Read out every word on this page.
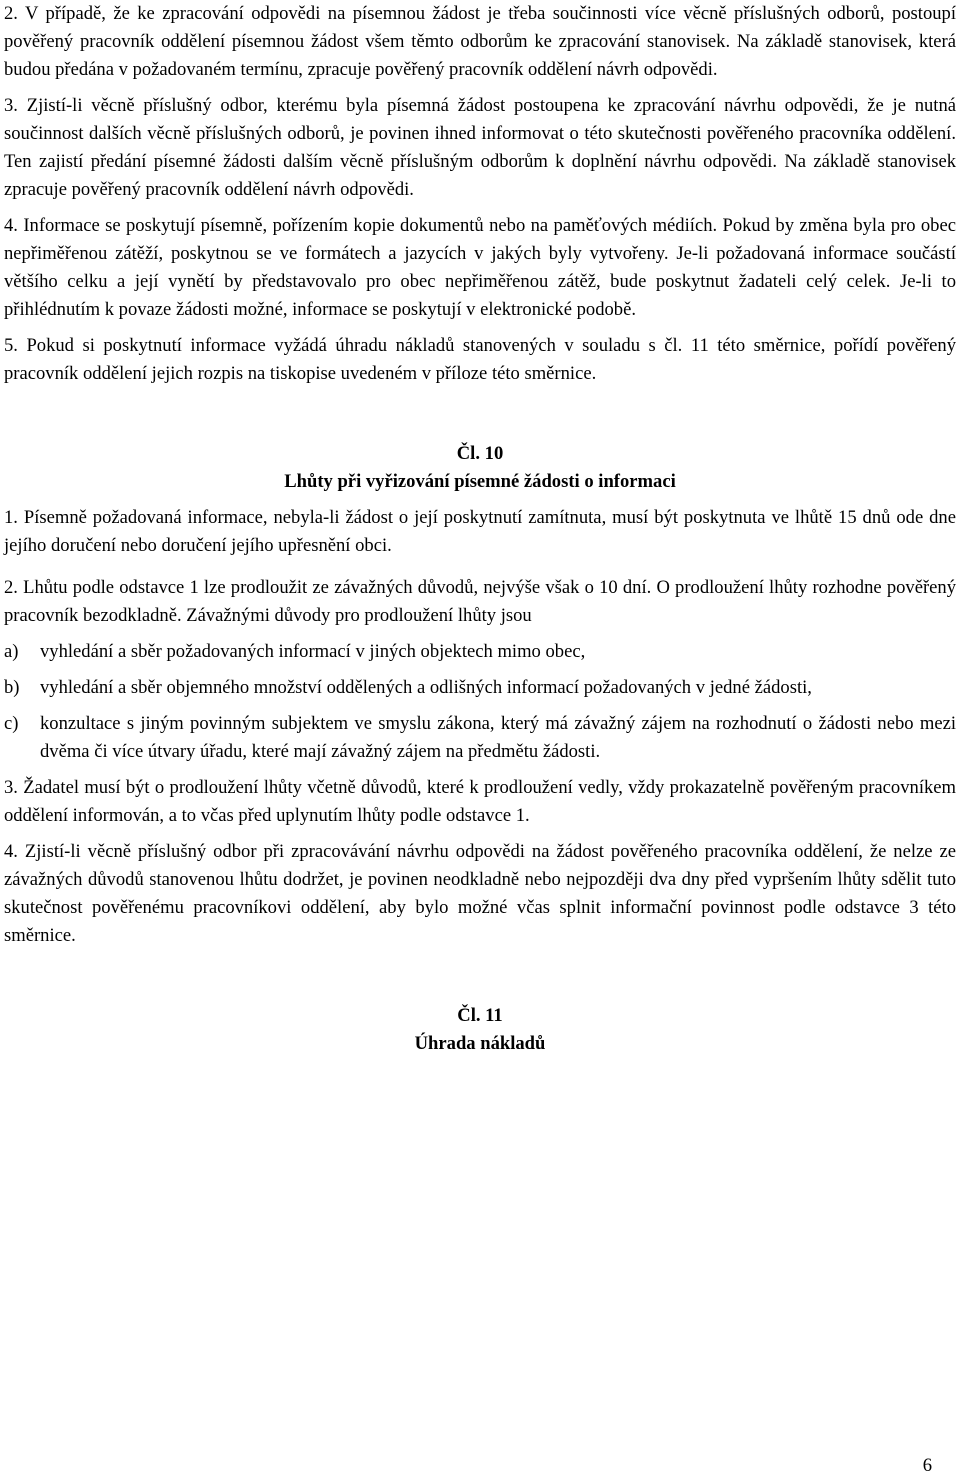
2. V případě, že ke zpracování odpovědi na písemnou žádost je třeba součinnosti více věcně příslušných odborů, postoupí pověřený pracovník oddělení písemnou žádost všem těmto odborům ke zpracování stanovisek. Na základě stanovisek, která budou předána v požadovaném termínu, zpracuje pověřený pracovník oddělení návrh odpovědi.

3. Zjistí-li věcně příslušný odbor, kterému byla písemná žádost postoupena ke zpracování návrhu odpovědi, že je nutná součinnost dalších věcně příslušných odborů, je povinen ihned informovat o této skutečnosti pověřeného pracovníka oddělení. Ten zajistí předání písemné žádosti dalším věcně příslušným odborům k doplnění návrhu odpovědi. Na základě stanovisek zpracuje pověřený pracovník oddělení návrh odpovědi.

4. Informace se poskytují písemně, pořízením kopie dokumentů nebo na paměťových médiích. Pokud by změna byla pro obec nepřiměřenou zátěží, poskytnou se ve formátech a jazycích v jakých byly vytvořeny. Je-li požadovaná informace součástí většího celku a její vynětí by představovalo pro obec nepřiměřenou zátěž, bude poskytnut žadateli celý celek. Je-li to přihlédnutím k povaze žádosti možné, informace se poskytují v elektronické podobě.

5. Pokud si poskytnutí informace vyžádá úhradu nákladů stanovených v souladu s čl. 11 této směrnice, pořídí pověřený pracovník oddělení jejich rozpis na tiskopise uvedeném v příloze této směrnice.

Čl. 10

Lhůty při vyřizování písemné žádosti o informaci

1. Písemně požadovaná informace, nebyla-li žádost o její poskytnutí zamítnuta, musí být poskytnuta ve lhůtě 15 dnů ode dne jejího doručení nebo doručení jejího upřesnění obci.

2. Lhůtu podle odstavce 1 lze prodloužit ze závažných důvodů, nejvýše však o 10 dní. O prodloužení lhůty rozhodne pověřený pracovník bezodkladně. Závažnými důvody pro prodloužení lhůty jsou

a)	vyhledání a sběr požadovaných informací v jiných objektech mimo obec,
b)	vyhledání a sběr objemného množství oddělených a odlišných informací požadovaných v jedné žádosti,
c)	konzultace s jiným povinným subjektem ve smyslu zákona, který má závažný zájem na rozhodnutí o žádosti nebo mezi dvěma či více útvary úřadu, které mají závažný zájem na předmětu žádosti.

3. Žadatel musí být o prodloužení lhůty včetně důvodů, které k prodloužení vedly, vždy prokazatelně pověřeným pracovníkem oddělení informován, a to včas před uplynutím lhůty podle odstavce 1.

4. Zjistí-li věcně příslušný odbor při zpracovávání návrhu odpovědi na žádost pověřeného pracovníka oddělení, že nelze ze závažných důvodů stanovenou lhůtu dodržet, je povinen neodkladně nebo nejpozději dva dny před vypršením lhůty sdělit tuto skutečnost pověřenému pracovníkovi oddělení, aby bylo možné včas splnit informační povinnost podle odstavce 3 této směrnice.

Čl. 11

Úhrada nákladů

6
